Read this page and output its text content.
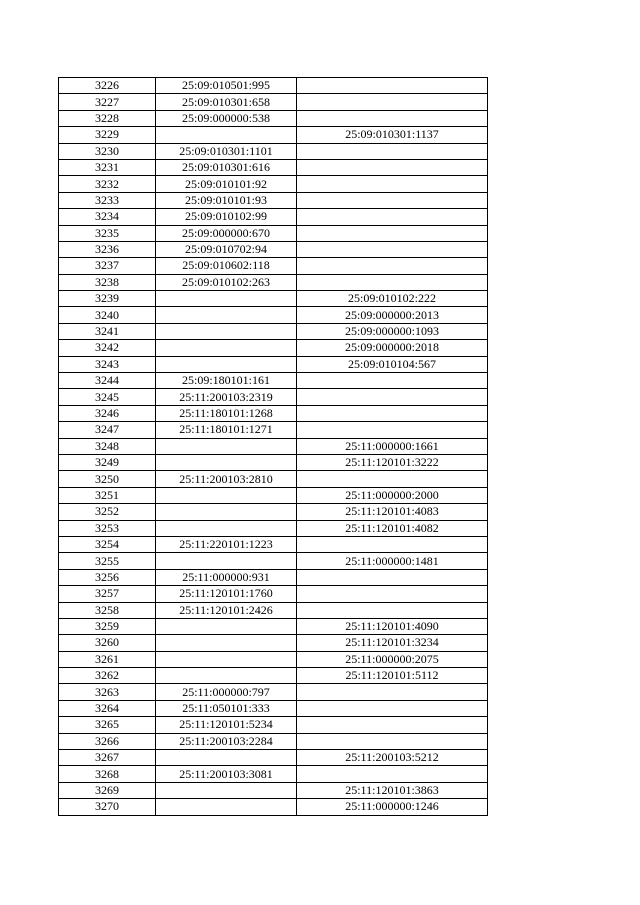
3226	25:09:010501:995	
3227	25:09:010301:658	
3228	25:09:000000:538	
3229		25:09:010301:1137
3230	25:09:010301:1101	
3231	25:09:010301:616	
3232	25:09:010101:92	
3233	25:09:010101:93	
3234	25:09:010102:99	
3235	25:09:000000:670	
3236	25:09:010702:94	
3237	25:09:010602:118	
3238	25:09:010102:263	
3239		25:09:010102:222
3240		25:09:000000:2013
3241		25:09:000000:1093
3242		25:09:000000:2018
3243		25:09:010104:567
3244	25:09:180101:161	
3245	25:11:200103:2319	
3246	25:11:180101:1268	
3247	25:11:180101:1271	
3248		25:11:000000:1661
3249		25:11:120101:3222
3250	25:11:200103:2810	
3251		25:11:000000:2000
3252		25:11:120101:4083
3253		25:11:120101:4082
3254	25:11:220101:1223	
3255		25:11:000000:1481
3256	25:11:000000:931	
3257	25:11:120101:1760	
3258	25:11:120101:2426	
3259		25:11:120101:4090
3260		25:11:120101:3234
3261		25:11:000000:2075
3262		25:11:120101:5112
3263	25:11:000000:797	
3264	25:11:050101:333	
3265	25:11:120101:5234	
3266	25:11:200103:2284	
3267		25:11:200103:5212
3268	25:11:200103:3081	
3269		25:11:120101:3863
3270		25:11:000000:1246
